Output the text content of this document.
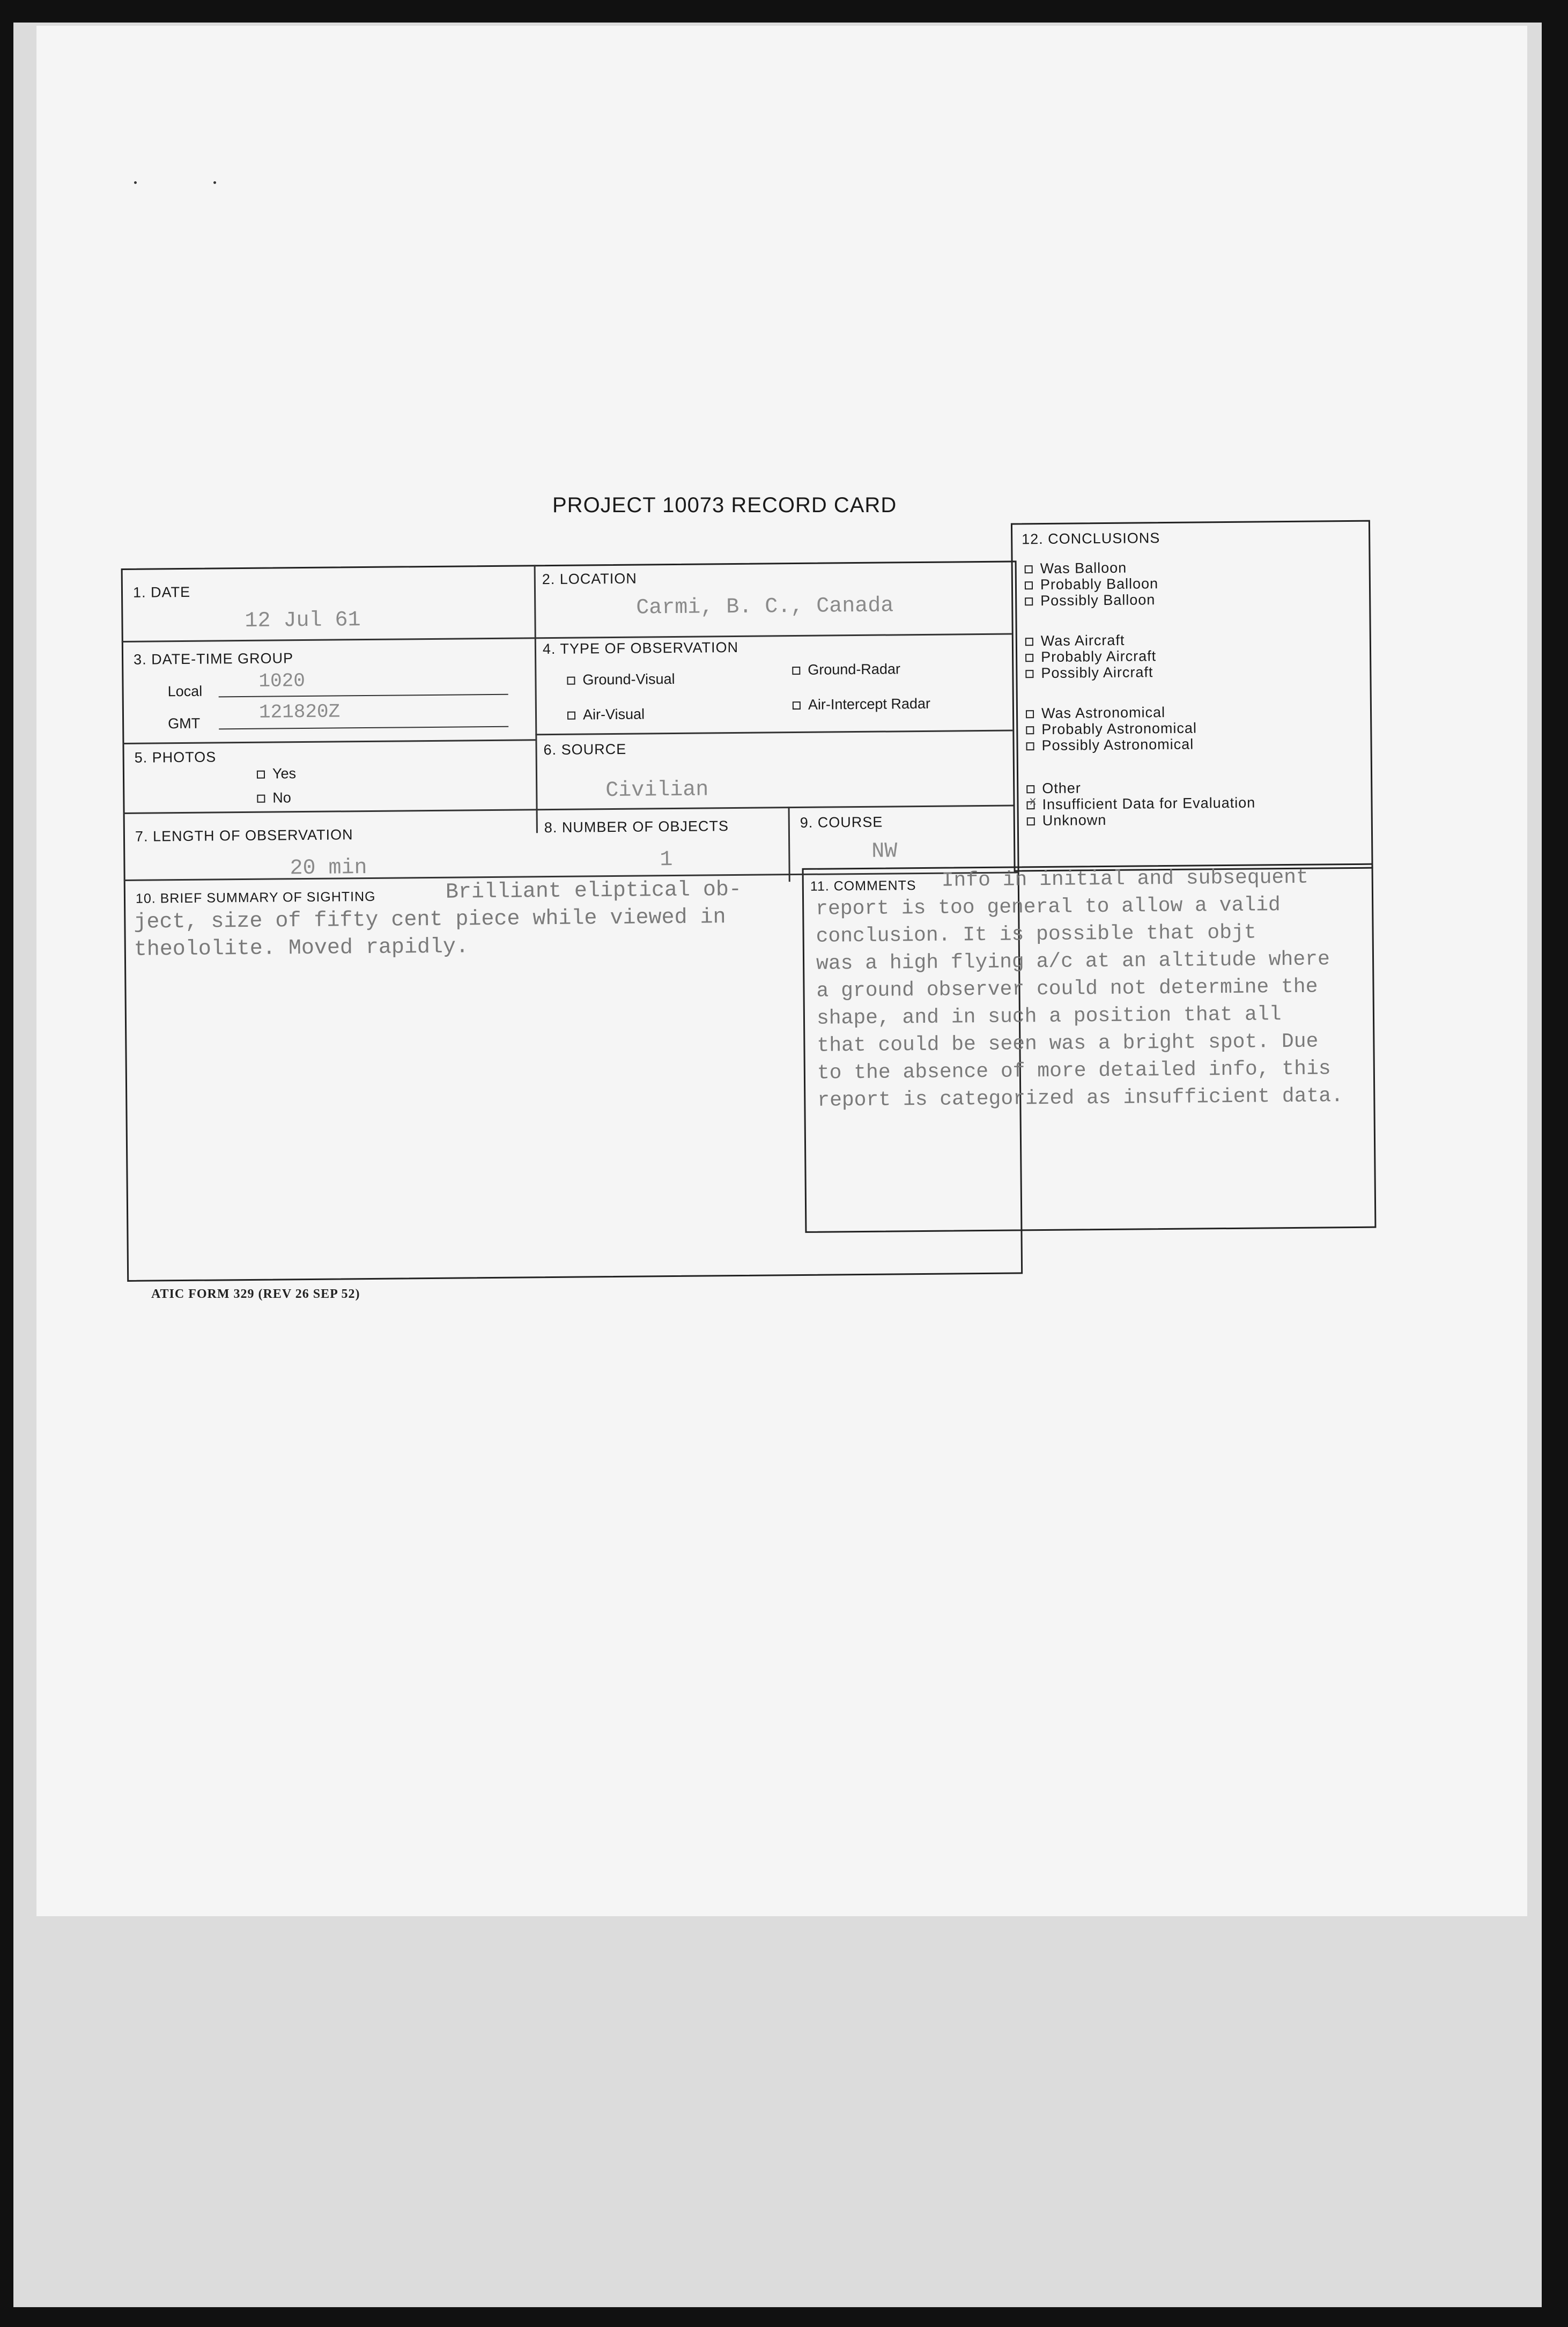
PROJECT 10073 RECORD CARD
1. DATE
12 Jul 61
2. LOCATION
Carmi, B. C., Canada
3. DATE-TIME GROUP
Local	1020
GMT
121820Z
4. TYPE OF OBSERVATION
Ground-Visual
Ground-Radar
Air-Visual
Air-Intercept Radar
5. PHOTOS
Yes
No
6. SOURCE
Civilian
7. LENGTH OF OBSERVATION
20 min
8. NUMBER OF OBJECTS
1
9. COURSE
NW
12. CONCLUSIONS
Was Balloon
Probably Balloon
Possibly Balloon
Was Aircraft
Probably Aircraft
Possibly Aircraft
Was Astronomical
Probably Astronomical
Possibly Astronomical
Other
x Insufficient Data for Evaluation
Unknown
10. BRIEF SUMMARY OF SIGHTING	Brilliant eliptical ob-
ject, size of fifty cent piece while viewed in
theololite. Moved rapidly.
11. COMMENTS Info in initial and subsequent
report is too general to allow a valid
conclusion. It is possible that objt
was a high flying a/c at an altitude where
a ground observer could not determine the
shape, and in such a position that all
that could be seen was a bright spot. Due
to the absence of more detailed info, this
report is categorized as insufficient data.
ATIC FORM 329 (REV 26 SEP 52)
